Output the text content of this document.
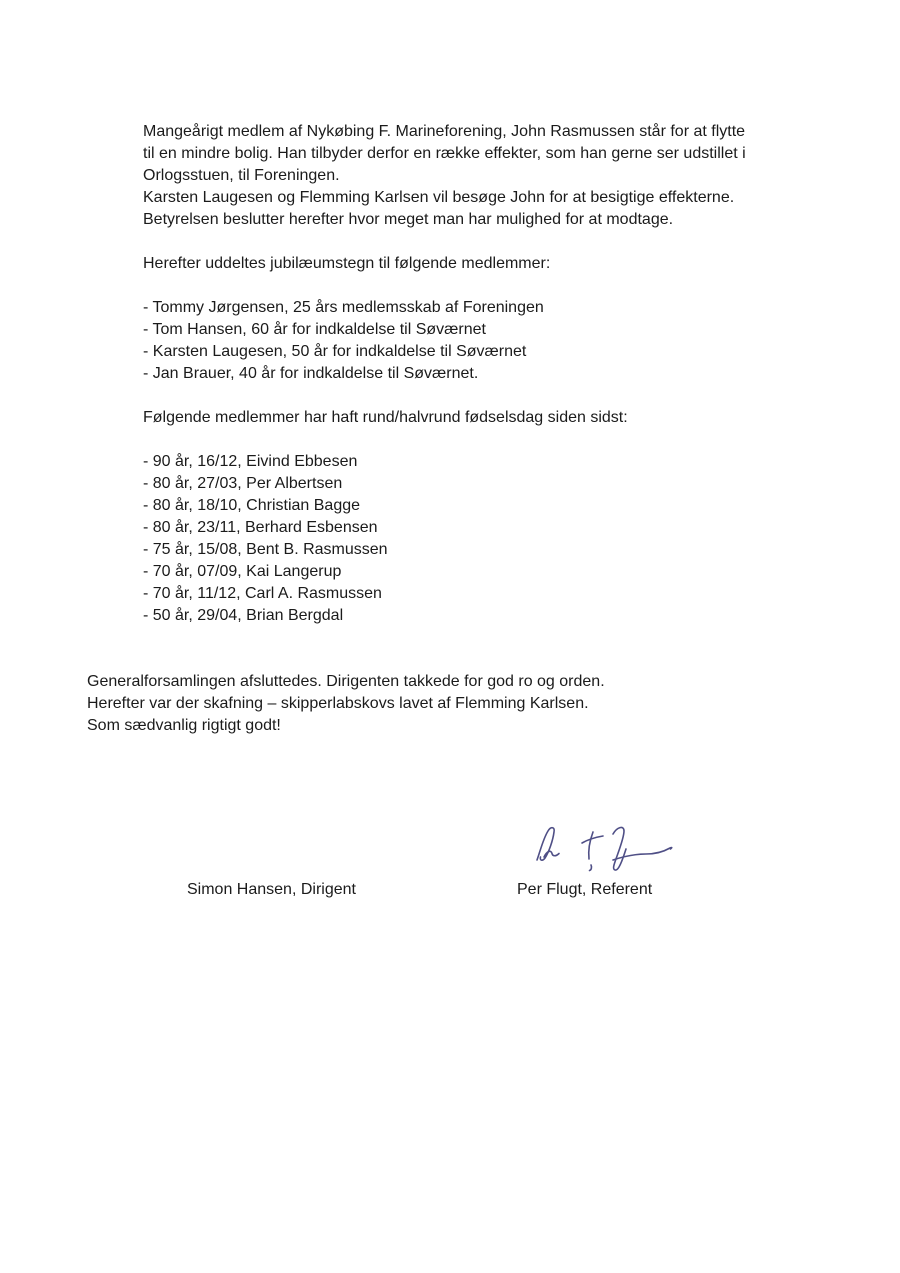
Mangeårigt medlem af Nykøbing F. Marineforening, John Rasmussen står for at flytte
til en mindre bolig. Han tilbyder derfor en række effekter, som han gerne ser udstillet i
Orlogsstuen, til Foreningen.
Karsten Laugesen og Flemming Karlsen vil besøge John for at besigtige effekterne.
Betyrelsen beslutter herefter hvor meget man har mulighed for at modtage.
Herefter uddeltes jubilæumstegn til følgende medlemmer:
- Tommy Jørgensen, 25 års medlemsskab af Foreningen
- Tom Hansen, 60 år for indkaldelse til Søværnet
- Karsten Laugesen, 50 år for indkaldelse til Søværnet
- Jan Brauer, 40 år for indkaldelse til Søværnet.
Følgende medlemmer har haft rund/halvrund fødselsdag siden sidst:
- 90 år, 16/12, Eivind Ebbesen
- 80 år, 27/03, Per Albertsen
- 80 år, 18/10, Christian Bagge
- 80 år, 23/11, Berhard Esbensen
- 75 år, 15/08, Bent B. Rasmussen
- 70 år, 07/09, Kai Langerup
- 70 år, 11/12, Carl A. Rasmussen
- 50 år, 29/04, Brian Bergdal
Generalforsamlingen afsluttedes. Dirigenten takkede for god ro og orden.
Herefter var der skafning – skipperlabskovs lavet af Flemming Karlsen.
Som sædvanlig rigtigt godt!
Simon Hansen, Dirigent	Per Flugt, Referent
